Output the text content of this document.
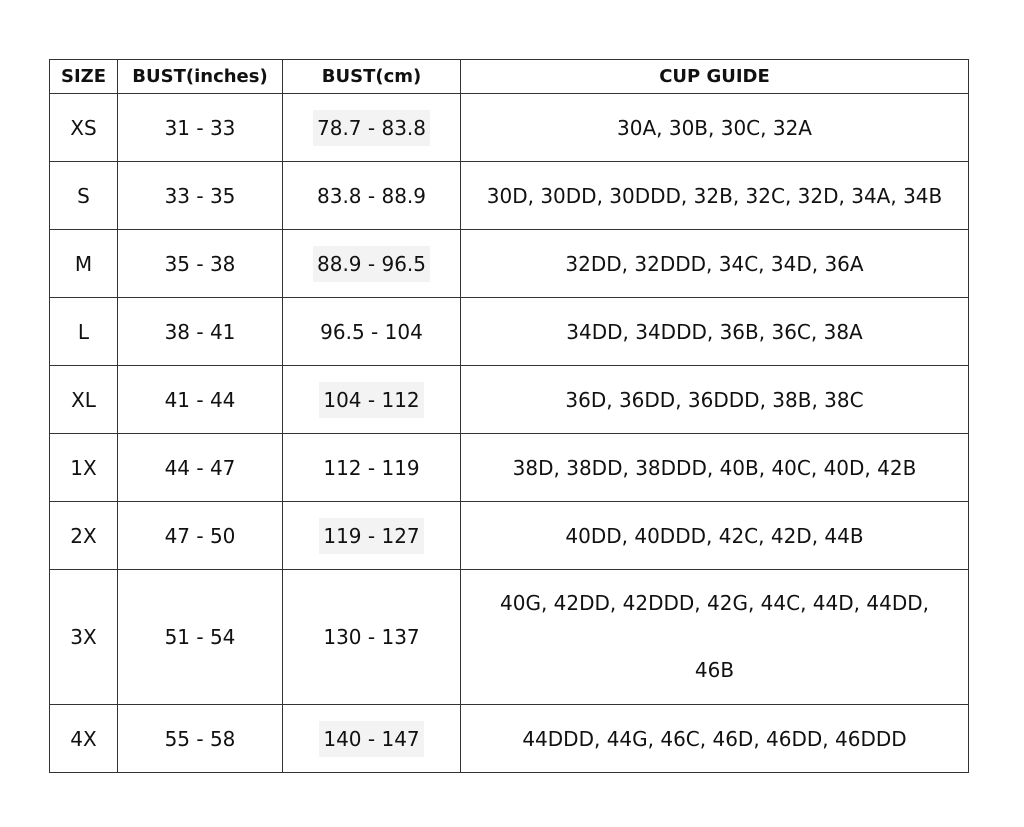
SIZE	BUST(inches)	BUST(cm)	CUP GUIDE
XS	31 - 33	78.7 - 83.8	30A, 30B, 30C, 32A
S	33 - 35	83.8 - 88.9	30D, 30DD, 30DDD, 32B, 32C, 32D, 34A, 34B
M	35 - 38	88.9 - 96.5	32DD, 32DDD, 34C, 34D, 36A
L	38 - 41	96.5 - 104	34DD, 34DDD, 36B, 36C, 38A
XL	41 - 44	104 - 112	36D, 36DD, 36DDD, 38B, 38C
1X	44 - 47	112 - 119	38D, 38DD, 38DDD, 40B, 40C, 40D, 42B
2X	47 - 50	119 - 127	40DD, 40DDD, 42C, 42D, 44B
3X	51 - 54	130 - 137	40G, 42DD, 42DDD, 42G, 44C, 44D, 44DD,
46B

4X	55 - 58	140 - 147	44DDD, 44G, 46C, 46D, 46DD, 46DDD
